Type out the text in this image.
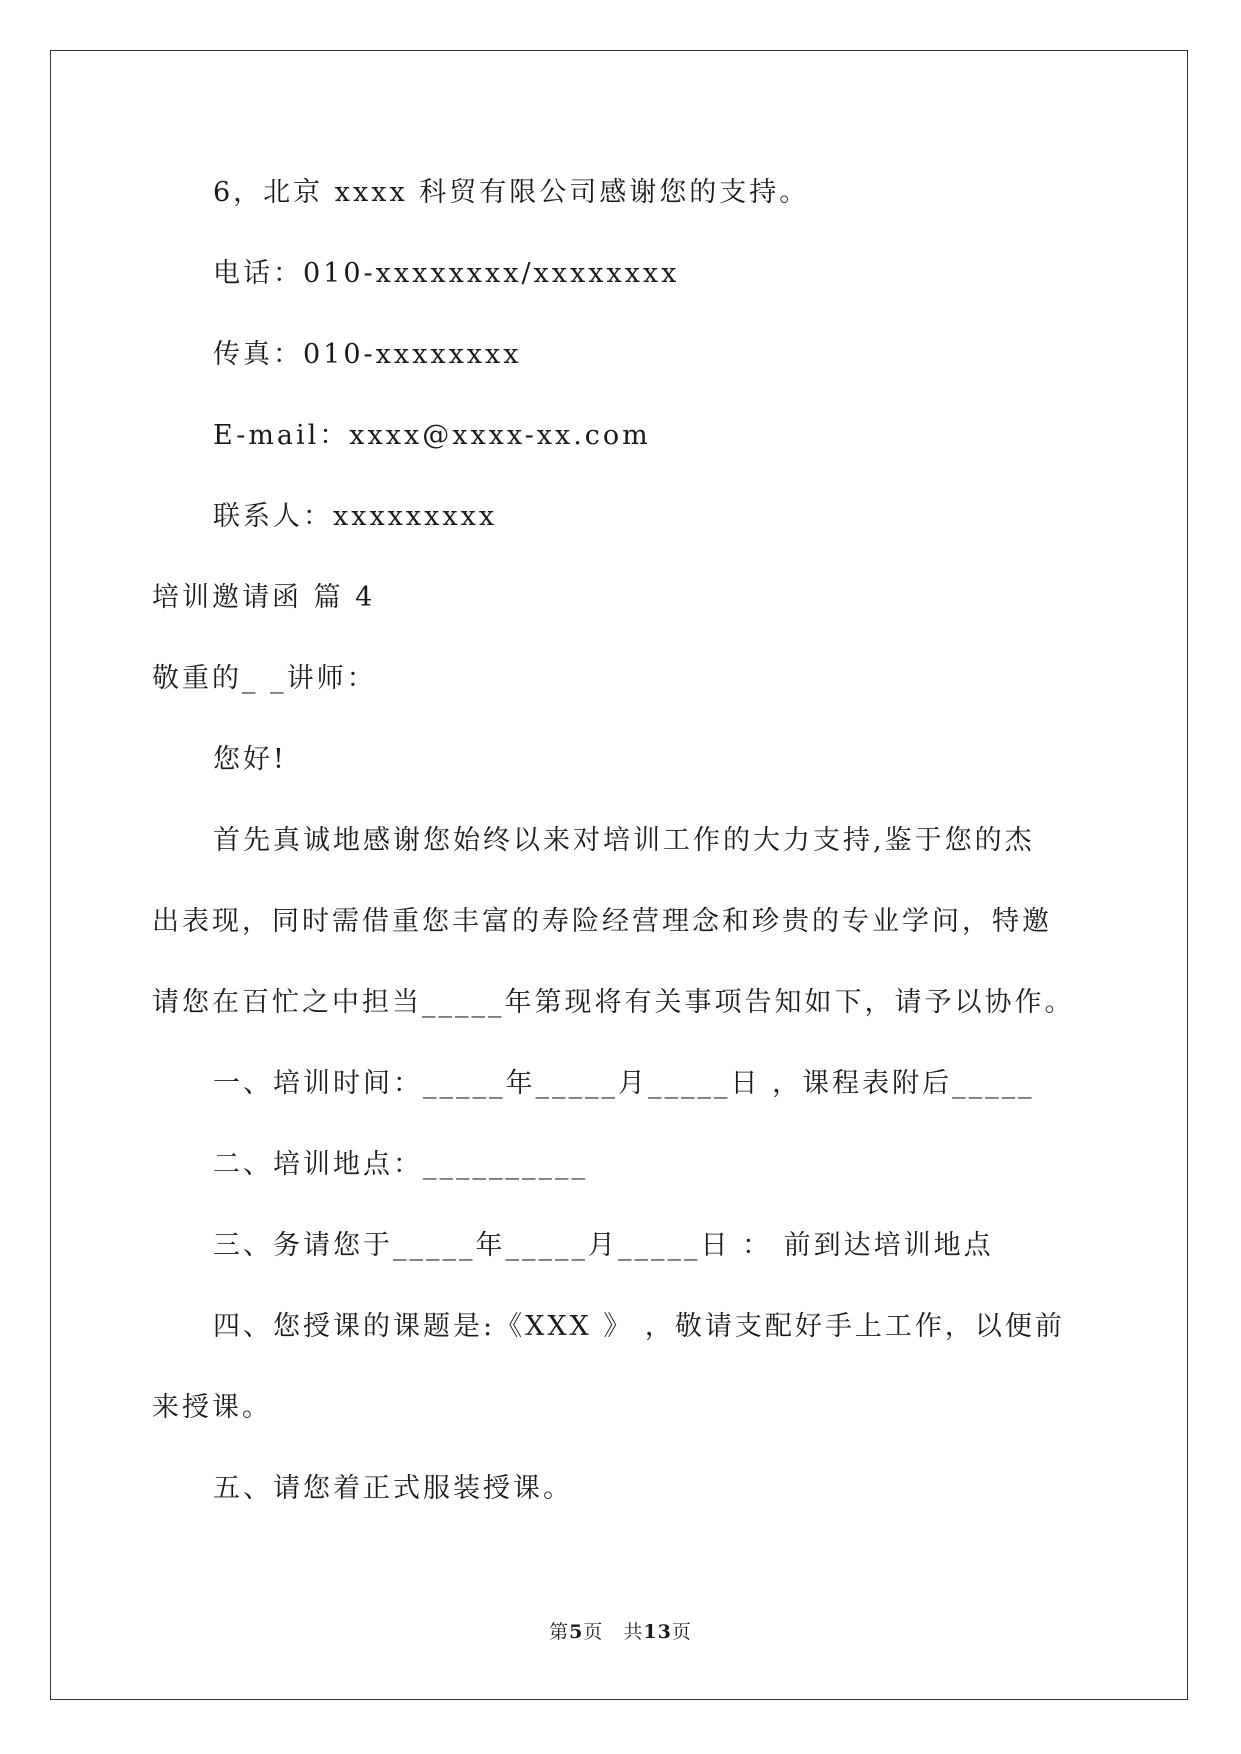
6，北京 xxxx 科贸有限公司感谢您的支持。
电话：010-xxxxxxxx/xxxxxxxx
传真：010-xxxxxxxx
E-mail：xxxx@xxxx-xx.com
联系人：xxxxxxxxx
培训邀请函 篇 4
敬重的_ _讲师：
您好!
首先真诚地感谢您始终以来对培训工作的大力支持,鉴于您的杰
出表现，同时需借重您丰富的寿险经营理念和珍贵的专业学问，特邀
请您在百忙之中担当_____年第现将有关事项告知如下，请予以协作。
一、培训时间：_____年_____月_____日 ，课程表附后_____
二、培训地点：__________
三、务请您于_____年_____月_____日 ： 前到达培训地点
四、您授课的课题是:《XXX 》 ，敬请支配好手上工作，以便前
来授课。
五、请您着正式服装授课。
第5页　共13页
